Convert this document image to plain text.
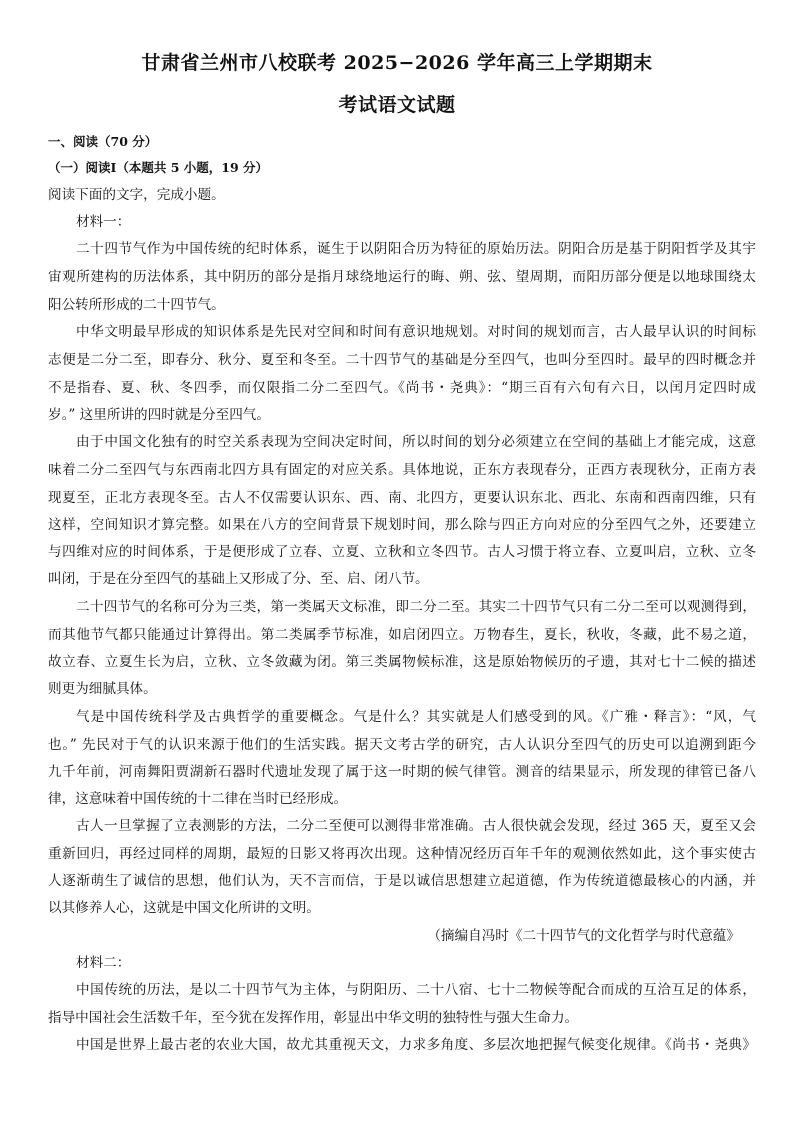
甘肃省兰州市八校联考 2025−2026 学年高三上学期期末
考试语文试题
一、阅读（70 分）
（一）阅读Ⅰ（本题共 5 小题，19 分）
阅读下面的文字，完成小题。
材料一：
二十四节气作为中国传统的纪时体系，诞生于以阴阳合历为特征的原始历法。阴阳合历是基于阴阳哲学及其宇
宙观所建构的历法体系，其中阴历的部分是指月球绕地运行的晦、朔、弦、望周期，而阳历部分便是以地球围绕太
阳公转所形成的二十四节气。
中华文明最早形成的知识体系是先民对空间和时间有意识地规划。对时间的规划而言，古人最早认识的时间标
志便是二分二至，即春分、秋分、夏至和冬至。二十四节气的基础是分至四气，也叫分至四时。最早的四时概念并
不是指春、夏、秋、冬四季，而仅限指二分二至四气。《尚书・尧典》：“期三百有六旬有六日，以闰月定四时成
岁。” 这里所讲的四时就是分至四气。
由于中国文化独有的时空关系表现为空间决定时间，所以时间的划分必须建立在空间的基础上才能完成，这意
味着二分二至四气与东西南北四方具有固定的对应关系。具体地说，正东方表现春分，正西方表现秋分，正南方表
现夏至，正北方表现冬至。古人不仅需要认识东、西、南、北四方，更要认识东北、西北、东南和西南四维，只有
这样，空间知识才算完整。如果在八方的空间背景下规划时间，那么除与四正方向对应的分至四气之外，还要建立
与四维对应的时间体系，于是便形成了立春、立夏、立秋和立冬四节。古人习惯于将立春、立夏叫启，立秋、立冬
叫闭，于是在分至四气的基础上又形成了分、至、启、闭八节。
二十四节气的名称可分为三类，第一类属天文标准，即二分二至。其实二十四节气只有二分二至可以观测得到，
而其他节气都只能通过计算得出。第二类属季节标准，如启闭四立。万物春生，夏长，秋收，冬藏，此不易之道，
故立春、立夏生长为启，立秋、立冬敛藏为闭。第三类属物候标准，这是原始物候历的孑遗，其对七十二候的描述
则更为细腻具体。
气是中国传统科学及古典哲学的重要概念。气是什么？其实就是人们感受到的风。《广雅・释言》：“风，气
也。” 先民对于气的认识来源于他们的生活实践。据天文考古学的研究，古人认识分至四气的历史可以追溯到距今
九千年前，河南舞阳贾湖新石器时代遗址发现了属于这一时期的候气律管。测音的结果显示，所发现的律管已备八
律，这意味着中国传统的十二律在当时已经形成。
古人一旦掌握了立表测影的方法，二分二至便可以测得非常准确。古人很快就会发现，经过 365 天，夏至又会
重新回归，再经过同样的周期，最短的日影又将再次出现。这种情况经历百年千年的观测依然如此，这个事实使古
人逐渐萌生了诚信的思想，他们认为，天不言而信，于是以诚信思想建立起道德，作为传统道德最核心的内涵，并
以其修养人心，这就是中国文化所讲的文明。
（摘编自冯时《二十四节气的文化哲学与时代意蕴》
材料二：
中国传统的历法，是以二十四节气为主体，与阴阳历、二十八宿、七十二物候等配合而成的互洽互足的体系，
指导中国社会生活数千年，至今犹在发挥作用，彰显出中华文明的独特性与强大生命力。
中国是世界上最古老的农业大国，故尤其重视天文，力求多角度、多层次地把握气候变化规律。《尚书・尧典》
